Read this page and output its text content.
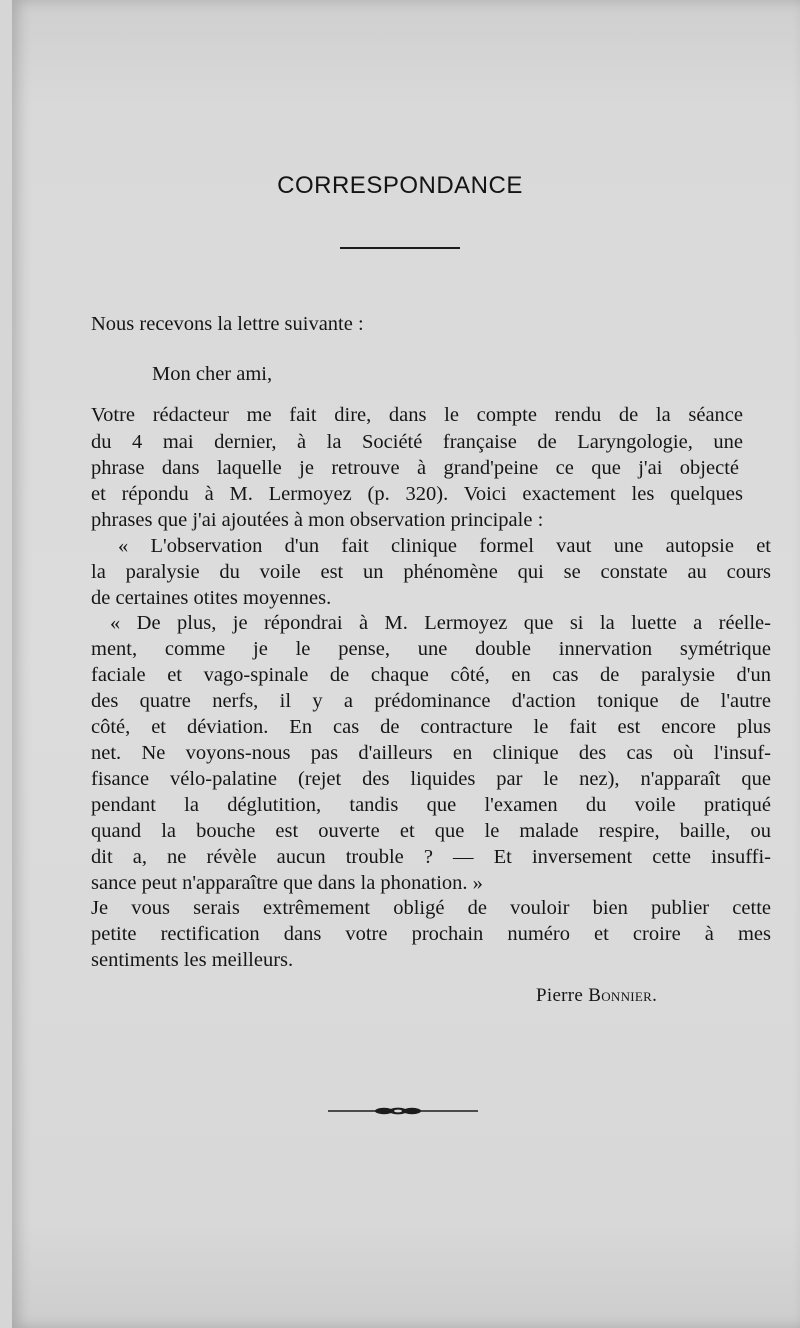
CORRESPONDANCE
Nous recevons la lettre suivante :
Mon cher ami,
Votre rédacteur me fait dire, dans le compte rendu de la séance
du 4 mai dernier, à la Société française de Laryngologie, une
phrase dans laquelle je retrouve à grand'peine ce que j'ai objecté
et répondu à M. Lermoyez (p. 320). Voici exactement les quelques
phrases que j'ai ajoutées à mon observation principale :
« L'observation d'un fait clinique formel vaut une autopsie et
la paralysie du voile est un phénomène qui se constate au cours
de certaines otites moyennes.
« De plus, je répondrai à M. Lermoyez que si la luette a réelle-
ment, comme je le pense, une double innervation symétrique
faciale et vago-spinale de chaque côté, en cas de paralysie d'un
des quatre nerfs, il y a prédominance d'action tonique de l'autre
côté, et déviation. En cas de contracture le fait est encore plus
net. Ne voyons-nous pas d'ailleurs en clinique des cas où l'insuf-
fisance vélo-palatine (rejet des liquides par le nez), n'apparaît que
pendant la déglutition, tandis que l'examen du voile pratiqué
quand la bouche est ouverte et que le malade respire, baille, ou
dit a, ne révèle aucun trouble ? — Et inversement cette insuffi-
sance peut n'apparaître que dans la phonation. »
Je vous serais extrêmement obligé de vouloir bien publier cette
petite rectification dans votre prochain numéro et croire à mes
sentiments les meilleurs.
Pierre Bonnier.
